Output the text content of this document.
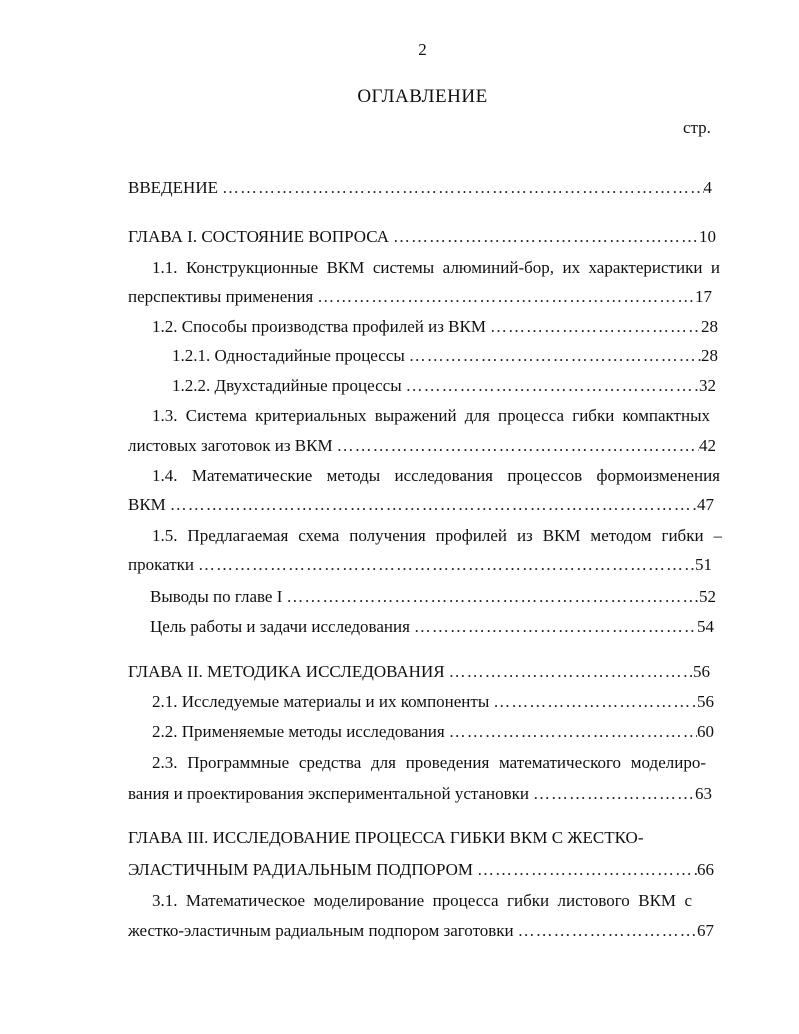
2
ОГЛАВЛЕНИЕ
стр.
ВВЕДЕНИЕ …………………………………………………………………………………………………………………………………………………………………………………………………………………………	4
ГЛАВА I. СОСТОЯНИЕ ВОПРОСА …………………………………………………………………………………………………………………………………………………………………………………………………………………………	10
1.1. Конструкционные ВКМ системы алюминий-бор, их характеристики и
перспективы применения …………………………………………………………………………………………………………………………………………………………………………………………………………………………	17
1.2. Способы производства профилей из ВКМ …………………………………………………………………………………………………………………………………………………………………………………………………………………………	28
1.2.1. Одностадийные процессы …………………………………………………………………………………………………………………………………………………………………………………………………………………………	28
1.2.2. Двухстадийные процессы …………………………………………………………………………………………………………………………………………………………………………………………………………………………	32
1.3. Система критериальных выражений для процесса гибки компактных
листовых заготовок из ВКМ …………………………………………………………………………………………………………………………………………………………………………………………………………………………	42
1.4. Математические методы исследования процессов формоизменения
ВКМ …………………………………………………………………………………………………………………………………………………………………………………………………………………………	47
1.5. Предлагаемая схема получения профилей из ВКМ методом гибки –
прокатки …………………………………………………………………………………………………………………………………………………………………………………………………………………………	51
Выводы по главе I …………………………………………………………………………………………………………………………………………………………………………………………………………………………	52
Цель работы и задачи исследования …………………………………………………………………………………………………………………………………………………………………………………………………………………………	54
ГЛАВА II. МЕТОДИКА ИССЛЕДОВАНИЯ …………………………………………………………………………………………………………………………………………………………………………………………………………………………	56
2.1. Исследуемые материалы и их компоненты …………………………………………………………………………………………………………………………………………………………………………………………………………………………	56
2.2. Применяемые методы исследования …………………………………………………………………………………………………………………………………………………………………………………………………………………………	60
2.3. Программные средства для проведения математического моделиро-
вания и проектирования экспериментальной установки …………………………………………………………………………………………………………………………………………………………………………………………………………………………	63
ГЛАВА III. ИССЛЕДОВАНИЕ ПРОЦЕССА ГИБКИ ВКМ С ЖЕСТКО-
ЭЛАСТИЧНЫМ РАДИАЛЬНЫМ ПОДПОРОМ …………………………………………………………………………………………………………………………………………………………………………………………………………………………	66
3.1. Математическое моделирование процесса гибки листового ВКМ с
жестко-эластичным радиальным подпором заготовки …………………………………………………………………………………………………………………………………………………………………………………………………………………………	67
